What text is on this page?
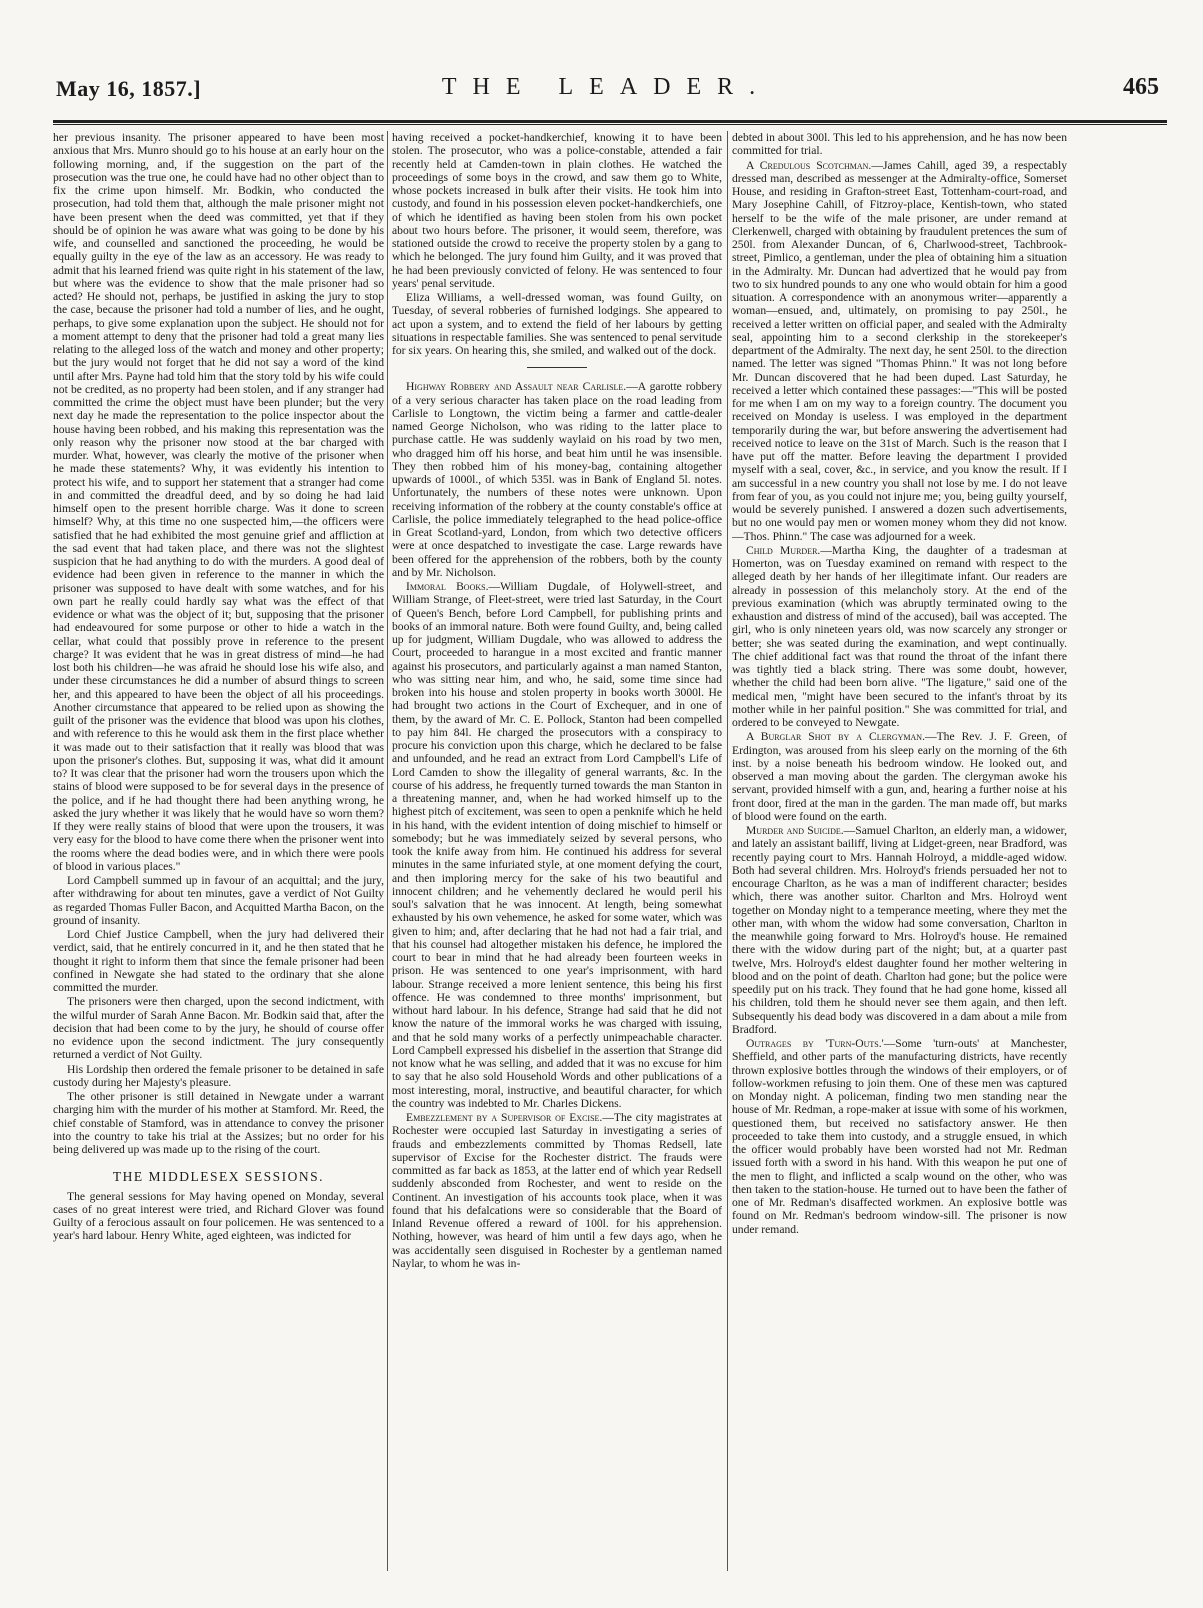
May 16, 1857.]	THE LEADER.	465

her previous insanity. The prisoner appeared to have been most anxious that Mrs. Munro should go to his house at an early hour on the following morning, and, if the suggestion on the part of the prosecution was the true one, he could have had no other object than to fix the crime upon himself. Mr. Bodkin, who conducted the prosecution, had told them that, although the male prisoner might not have been present when the deed was committed, yet that if they should be of opinion he was aware what was going to be done by his wife, and counselled and sanctioned the proceeding, he would be equally guilty in the eye of the law as an accessory. He was ready to admit that his learned friend was quite right in his statement of the law, but where was the evidence to show that the male prisoner had so acted? He should not, perhaps, be justified in asking the jury to stop the case, because the prisoner had told a number of lies, and he ought, perhaps, to give some explanation upon the subject. He should not for a moment attempt to deny that the prisoner had told a great many lies relating to the alleged loss of the watch and money and other property; but the jury would not forget that he did not say a word of the kind until after Mrs. Payne had told him that the story told by his wife could not be credited, as no property had been stolen, and if any stranger had committed the crime the object must have been plunder; but the very next day he made the representation to the police inspector about the house having been robbed, and his making this representation was the only reason why the prisoner now stood at the bar charged with murder. What, however, was clearly the motive of the prisoner when he made these statements? Why, it was evidently his intention to protect his wife, and to support her statement that a stranger had come in and committed the dreadful deed, and by so doing he had laid himself open to the present horrible charge. Was it done to screen himself? Why, at this time no one suspected him,—the officers were satisfied that he had exhibited the most genuine grief and affliction at the sad event that had taken place, and there was not the slightest suspicion that he had anything to do with the murders. A good deal of evidence had been given in reference to the manner in which the prisoner was supposed to have dealt with some watches, and for his own part he really could hardly say what was the effect of that evidence or what was the object of it; but, supposing that the prisoner had endeavoured for some purpose or other to hide a watch in the cellar, what could that possibly prove in reference to the present charge? It was evident that he was in great distress of mind—he had lost both his children—he was afraid he should lose his wife also, and under these circumstances he did a number of absurd things to screen her, and this appeared to have been the object of all his proceedings. Another circumstance that appeared to be relied upon as showing the guilt of the prisoner was the evidence that blood was upon his clothes, and with reference to this he would ask them in the first place whether it was made out to their satisfaction that it really was blood that was upon the prisoner's clothes. But, supposing it was, what did it amount to? It was clear that the prisoner had worn the trousers upon which the stains of blood were supposed to be for several days in the presence of the police, and if he had thought there had been anything wrong, he asked the jury whether it was likely that he would have so worn them? If they were really stains of blood that were upon the trousers, it was very easy for the blood to have come there when the prisoner went into the rooms where the dead bodies were, and in which there were pools of blood in various places."

Lord Campbell summed up in favour of an acquittal; and the jury, after withdrawing for about ten minutes, gave a verdict of Not Guilty as regarded Thomas Fuller Bacon, and Acquitted Martha Bacon, on the ground of insanity.

Lord Chief Justice Campbell, when the jury had delivered their verdict, said, that he entirely concurred in it, and he then stated that he thought it right to inform them that since the female prisoner had been confined in Newgate she had stated to the ordinary that she alone committed the murder.

The prisoners were then charged, upon the second indictment, with the wilful murder of Sarah Anne Bacon. Mr. Bodkin said that, after the decision that had been come to by the jury, he should of course offer no evidence upon the second indictment. The jury consequently returned a verdict of Not Guilty.

His Lordship then ordered the female prisoner to be detained in safe custody during her Majesty's pleasure.

The other prisoner is still detained in Newgate under a warrant charging him with the murder of his mother at Stamford. Mr. Reed, the chief constable of Stamford, was in attendance to convey the prisoner into the country to take his trial at the Assizes; but no order for his being delivered up was made up to the rising of the court.

THE MIDDLESEX SESSIONS.

The general sessions for May having opened on Monday, several cases of no great interest were tried, and Richard Glover was found Guilty of a ferocious assault on four policemen. He was sentenced to a year's hard labour. Henry White, aged eighteen, was indicted for

having received a pocket-handkerchief, knowing it to have been stolen. The prosecutor, who was a police-constable, attended a fair recently held at Camden-town in plain clothes. He watched the proceedings of some boys in the crowd, and saw them go to White, whose pockets increased in bulk after their visits. He took him into custody, and found in his possession eleven pocket-handkerchiefs, one of which he identified as having been stolen from his own pocket about two hours before. The prisoner, it would seem, therefore, was stationed outside the crowd to receive the property stolen by a gang to which he belonged. The jury found him Guilty, and it was proved that he had been previously convicted of felony. He was sentenced to four years' penal servitude.

Eliza Williams, a well-dressed woman, was found Guilty, on Tuesday, of several robberies of furnished lodgings. She appeared to act upon a system, and to extend the field of her labours by getting situations in respectable families. She was sentenced to penal servitude for six years. On hearing this, she smiled, and walked out of the dock.

Highway Robbery and Assault near Carlisle.—A garotte robbery of a very serious character has taken place on the road leading from Carlisle to Longtown, the victim being a farmer and cattle-dealer named George Nicholson, who was riding to the latter place to purchase cattle. He was suddenly waylaid on his road by two men, who dragged him off his horse, and beat him until he was insensible. They then robbed him of his money-bag, containing altogether upwards of 1000l., of which 535l. was in Bank of England 5l. notes. Unfortunately, the numbers of these notes were unknown. Upon receiving information of the robbery at the county constable's office at Carlisle, the police immediately telegraphed to the head police-office in Great Scotland-yard, London, from which two detective officers were at once despatched to investigate the case. Large rewards have been offered for the apprehension of the robbers, both by the county and by Mr. Nicholson.

Immoral Books.—William Dugdale, of Holywell-street, and William Strange, of Fleet-street, were tried last Saturday, in the Court of Queen's Bench, before Lord Campbell, for publishing prints and books of an immoral nature. Both were found Guilty, and, being called up for judgment, William Dugdale, who was allowed to address the Court, proceeded to harangue in a most excited and frantic manner against his prosecutors, and particularly against a man named Stanton, who was sitting near him, and who, he said, some time since had broken into his house and stolen property in books worth 3000l. He had brought two actions in the Court of Exchequer, and in one of them, by the award of Mr. C. E. Pollock, Stanton had been compelled to pay him 84l. He charged the prosecutors with a conspiracy to procure his conviction upon this charge, which he declared to be false and unfounded, and he read an extract from Lord Campbell's Life of Lord Camden to show the illegality of general warrants, &c. In the course of his address, he frequently turned towards the man Stanton in a threatening manner, and, when he had worked himself up to the highest pitch of excitement, was seen to open a penknife which he held in his hand, with the evident intention of doing mischief to himself or somebody; but he was immediately seized by several persons, who took the knife away from him. He continued his address for several minutes in the same infuriated style, at one moment defying the court, and then imploring mercy for the sake of his two beautiful and innocent children; and he vehemently declared he would peril his soul's salvation that he was innocent. At length, being somewhat exhausted by his own vehemence, he asked for some water, which was given to him; and, after declaring that he had not had a fair trial, and that his counsel had altogether mistaken his defence, he implored the court to bear in mind that he had already been fourteen weeks in prison. He was sentenced to one year's imprisonment, with hard labour. Strange received a more lenient sentence, this being his first offence. He was condemned to three months' imprisonment, but without hard labour. In his defence, Strange had said that he did not know the nature of the immoral works he was charged with issuing, and that he sold many works of a perfectly unimpeachable character. Lord Campbell expressed his disbelief in the assertion that Strange did not know what he was selling, and added that it was no excuse for him to say that he also sold Household Words and other publications of a most interesting, moral, instructive, and beautiful character, for which the country was indebted to Mr. Charles Dickens.

Embezzlement by a Supervisor of Excise.—The city magistrates at Rochester were occupied last Saturday in investigating a series of frauds and embezzlements committed by Thomas Redsell, late supervisor of Excise for the Rochester district. The frauds were committed as far back as 1853, at the latter end of which year Redsell suddenly absconded from Rochester, and went to reside on the Continent. An investigation of his accounts took place, when it was found that his defalcations were so considerable that the Board of Inland Revenue offered a reward of 100l. for his apprehension. Nothing, however, was heard of him until a few days ago, when he was accidentally seen disguised in Rochester by a gentleman named Naylar, to whom he was in-

debted in about 300l. This led to his apprehension, and he has now been committed for trial.

A Credulous Scotchman.—James Cahill, aged 39, a respectably dressed man, described as messenger at the Admiralty-office, Somerset House, and residing in Grafton-street East, Tottenham-court-road, and Mary Josephine Cahill, of Fitzroy-place, Kentish-town, who stated herself to be the wife of the male prisoner, are under remand at Clerkenwell, charged with obtaining by fraudulent pretences the sum of 250l. from Alexander Duncan, of 6, Charlwood-street, Tachbrook-street, Pimlico, a gentleman, under the plea of obtaining him a situation in the Admiralty. Mr. Duncan had advertized that he would pay from two to six hundred pounds to any one who would obtain for him a good situation. A correspondence with an anonymous writer—apparently a woman—ensued, and, ultimately, on promising to pay 250l., he received a letter written on official paper, and sealed with the Admiralty seal, appointing him to a second clerkship in the storekeeper's department of the Admiralty. The next day, he sent 250l. to the direction named. The letter was signed "Thomas Phinn." It was not long before Mr. Duncan discovered that he had been duped. Last Saturday, he received a letter which contained these passages:—"This will be posted for me when I am on my way to a foreign country. The document you received on Monday is useless. I was employed in the department temporarily during the war, but before answering the advertisement had received notice to leave on the 31st of March. Such is the reason that I have put off the matter. Before leaving the department I provided myself with a seal, cover, &c., in service, and you know the result. If I am successful in a new country you shall not lose by me. I do not leave from fear of you, as you could not injure me; you, being guilty yourself, would be severely punished. I answered a dozen such advertisements, but no one would pay men or women money whom they did not know.—Thos. Phinn." The case was adjourned for a week.

Child Murder.—Martha King, the daughter of a tradesman at Homerton, was on Tuesday examined on remand with respect to the alleged death by her hands of her illegitimate infant. Our readers are already in possession of this melancholy story. At the end of the previous examination (which was abruptly terminated owing to the exhaustion and distress of mind of the accused), bail was accepted. The girl, who is only nineteen years old, was now scarcely any stronger or better; she was seated during the examination, and wept continually. The chief additional fact was that round the throat of the infant there was tightly tied a black string. There was some doubt, however, whether the child had been born alive. "The ligature," said one of the medical men, "might have been secured to the infant's throat by its mother while in her painful position." She was committed for trial, and ordered to be conveyed to Newgate.

A Burglar Shot by a Clergyman.—The Rev. J. F. Green, of Erdington, was aroused from his sleep early on the morning of the 6th inst. by a noise beneath his bedroom window. He looked out, and observed a man moving about the garden. The clergyman awoke his servant, provided himself with a gun, and, hearing a further noise at his front door, fired at the man in the garden. The man made off, but marks of blood were found on the earth.

Murder and Suicide.—Samuel Charlton, an elderly man, a widower, and lately an assistant bailiff, living at Lidget-green, near Bradford, was recently paying court to Mrs. Hannah Holroyd, a middle-aged widow. Both had several children. Mrs. Holroyd's friends persuaded her not to encourage Charlton, as he was a man of indifferent character; besides which, there was another suitor. Charlton and Mrs. Holroyd went together on Monday night to a temperance meeting, where they met the other man, with whom the widow had some conversation, Charlton in the meanwhile going forward to Mrs. Holroyd's house. He remained there with the widow during part of the night; but, at a quarter past twelve, Mrs. Holroyd's eldest daughter found her mother weltering in blood and on the point of death. Charlton had gone; but the police were speedily put on his track. They found that he had gone home, kissed all his children, told them he should never see them again, and then left. Subsequently his dead body was discovered in a dam about a mile from Bradford.

Outrages by 'Turn-Outs.'—Some 'turn-outs' at Manchester, Sheffield, and other parts of the manufacturing districts, have recently thrown explosive bottles through the windows of their employers, or of follow-workmen refusing to join them. One of these men was captured on Monday night. A policeman, finding two men standing near the house of Mr. Redman, a rope-maker at issue with some of his workmen, questioned them, but received no satisfactory answer. He then proceeded to take them into custody, and a struggle ensued, in which the officer would probably have been worsted had not Mr. Redman issued forth with a sword in his hand. With this weapon he put one of the men to flight, and inflicted a scalp wound on the other, who was then taken to the station-house. He turned out to have been the father of one of Mr. Redman's disaffected workmen. An explosive bottle was found on Mr. Redman's bedroom window-sill. The prisoner is now under remand.
